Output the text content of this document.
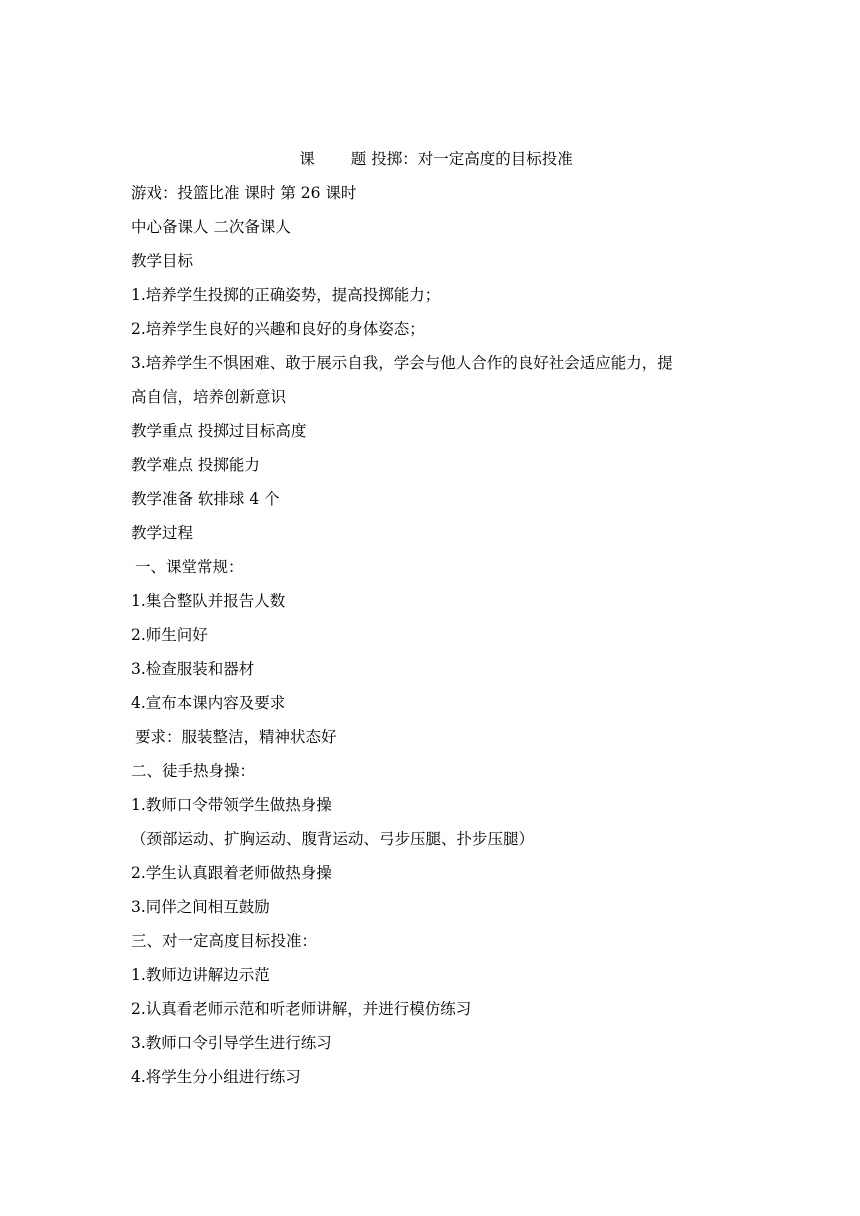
课 题 投掷：对一定高度的目标投准
游戏：投篮比准 课时 第 26 课时
中心备课人 二次备课人
教学目标
1.培养学生投掷的正确姿势，提高投掷能力；
2.培养学生良好的兴趣和良好的身体姿态；
3.培养学生不惧困难、敢于展示自我，学会与他人合作的良好社会适应能力，提
高自信，培养创新意识
教学重点 投掷过目标高度
教学难点 投掷能力
教学准备 软排球 4 个
教学过程
一、课堂常规：
1.集合整队并报告人数
2.师生问好
3.检查服装和器材
4.宣布本课内容及要求
要求：服装整洁，精神状态好
二、徒手热身操：
1.教师口令带领学生做热身操
（颈部运动、扩胸运动、腹背运动、弓步压腿、扑步压腿）
2.学生认真跟着老师做热身操
3.同伴之间相互鼓励
三、对一定高度目标投准：
1.教师边讲解边示范
2.认真看老师示范和听老师讲解，并进行模仿练习
3.教师口令引导学生进行练习
4.将学生分小组进行练习
